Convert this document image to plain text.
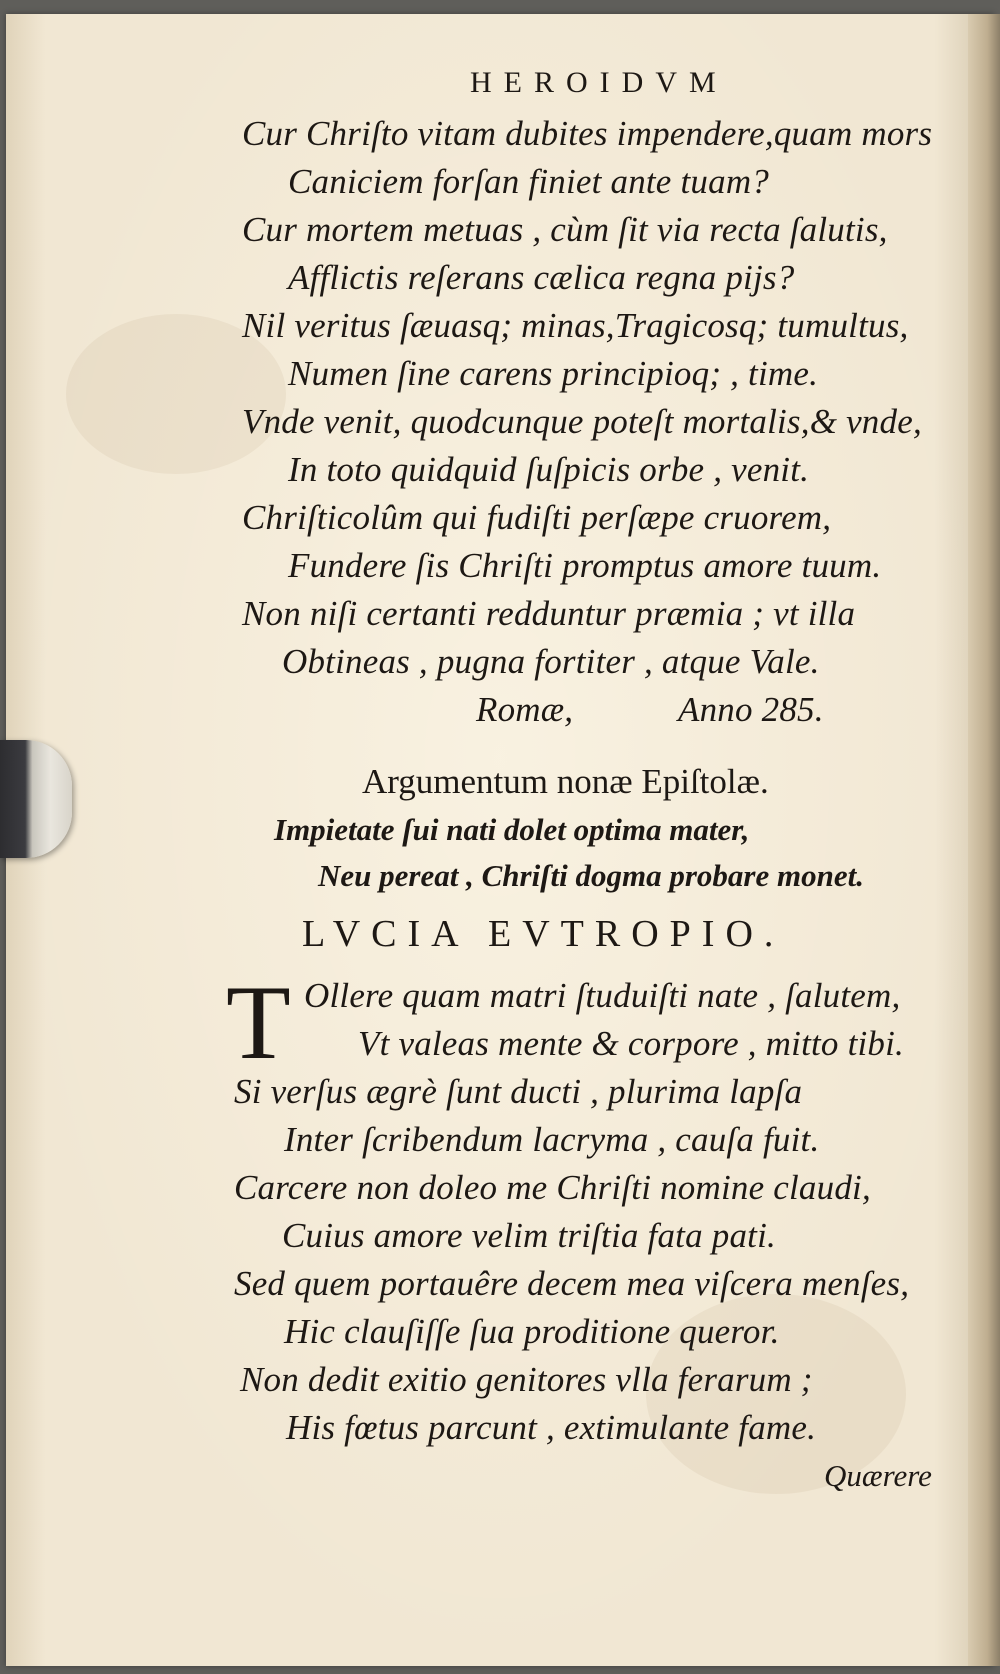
HEROIDVM
Cur Chriſto vitam dubites impendere,quam mors
Caniciem forſan finiet ante tuam?
Cur mortem metuas , cùm ſit via recta ſalutis,
Afflictis reſerans cælica regna pijs?
Nil veritus ſæuasq; minas,Tragicosq; tumultus,
Numen ſine carens principioq; , time.
Vnde venit, quodcunque poteſt mortalis,& vnde,
In toto quidquid ſuſpicis orbe , venit.
Chriſticolûm qui fudiſti perſæpe cruorem,
Fundere ſis Chriſti promptus amore tuum.
Non niſi certanti redduntur præmia ; vt illa
Obtineas , pugna fortiter , atque Vale.
Romæ,	Anno 285.
Argumentum nonæ Epiſtolæ.
Impietate ſui nati dolet optima mater,
Neu pereat , Chriſti dogma probare monet.
LVCIA EVTROPIO.
T Ollere quam matri ſtuduiſti nate , ſalutem,
Vt valeas mente & corpore , mitto tibi.
Si verſus ægrè ſunt ducti , plurima lapſa
Inter ſcribendum lacryma , cauſa fuit.
Carcere non doleo me Chriſti nomine claudi,
Cuius amore velim triſtia fata pati.
Sed quem portauêre decem mea viſcera menſes,
Hic clauſiſſe ſua proditione queror.
Non dedit exitio genitores vlla ferarum ;
His fœtus parcunt , extimulante fame.
Quærere
